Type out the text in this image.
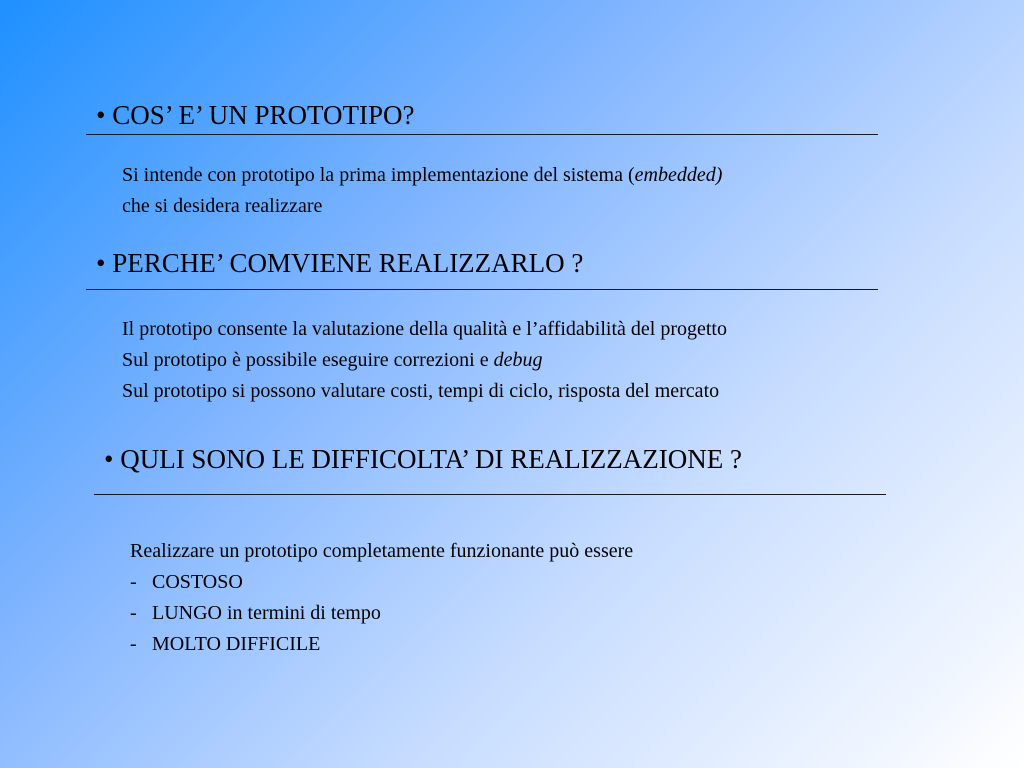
• COS’ E’ UN PROTOTIPO?
Si intende con prototipo la prima implementazione del sistema (embedded)
che si desidera realizzare
• PERCHE’ COMVIENE REALIZZARLO ?
Il prototipo consente la valutazione della qualità e l’affidabilità del progetto
Sul prototipo è possibile eseguire correzioni e debug
Sul prototipo si possono valutare costi, tempi di ciclo, risposta del mercato
• QULI SONO LE DIFFICOLTA’ DI REALIZZAZIONE ?
Realizzare un prototipo completamente funzionante può essere
- COSTOSO
- LUNGO in termini di tempo
- MOLTO DIFFICILE
